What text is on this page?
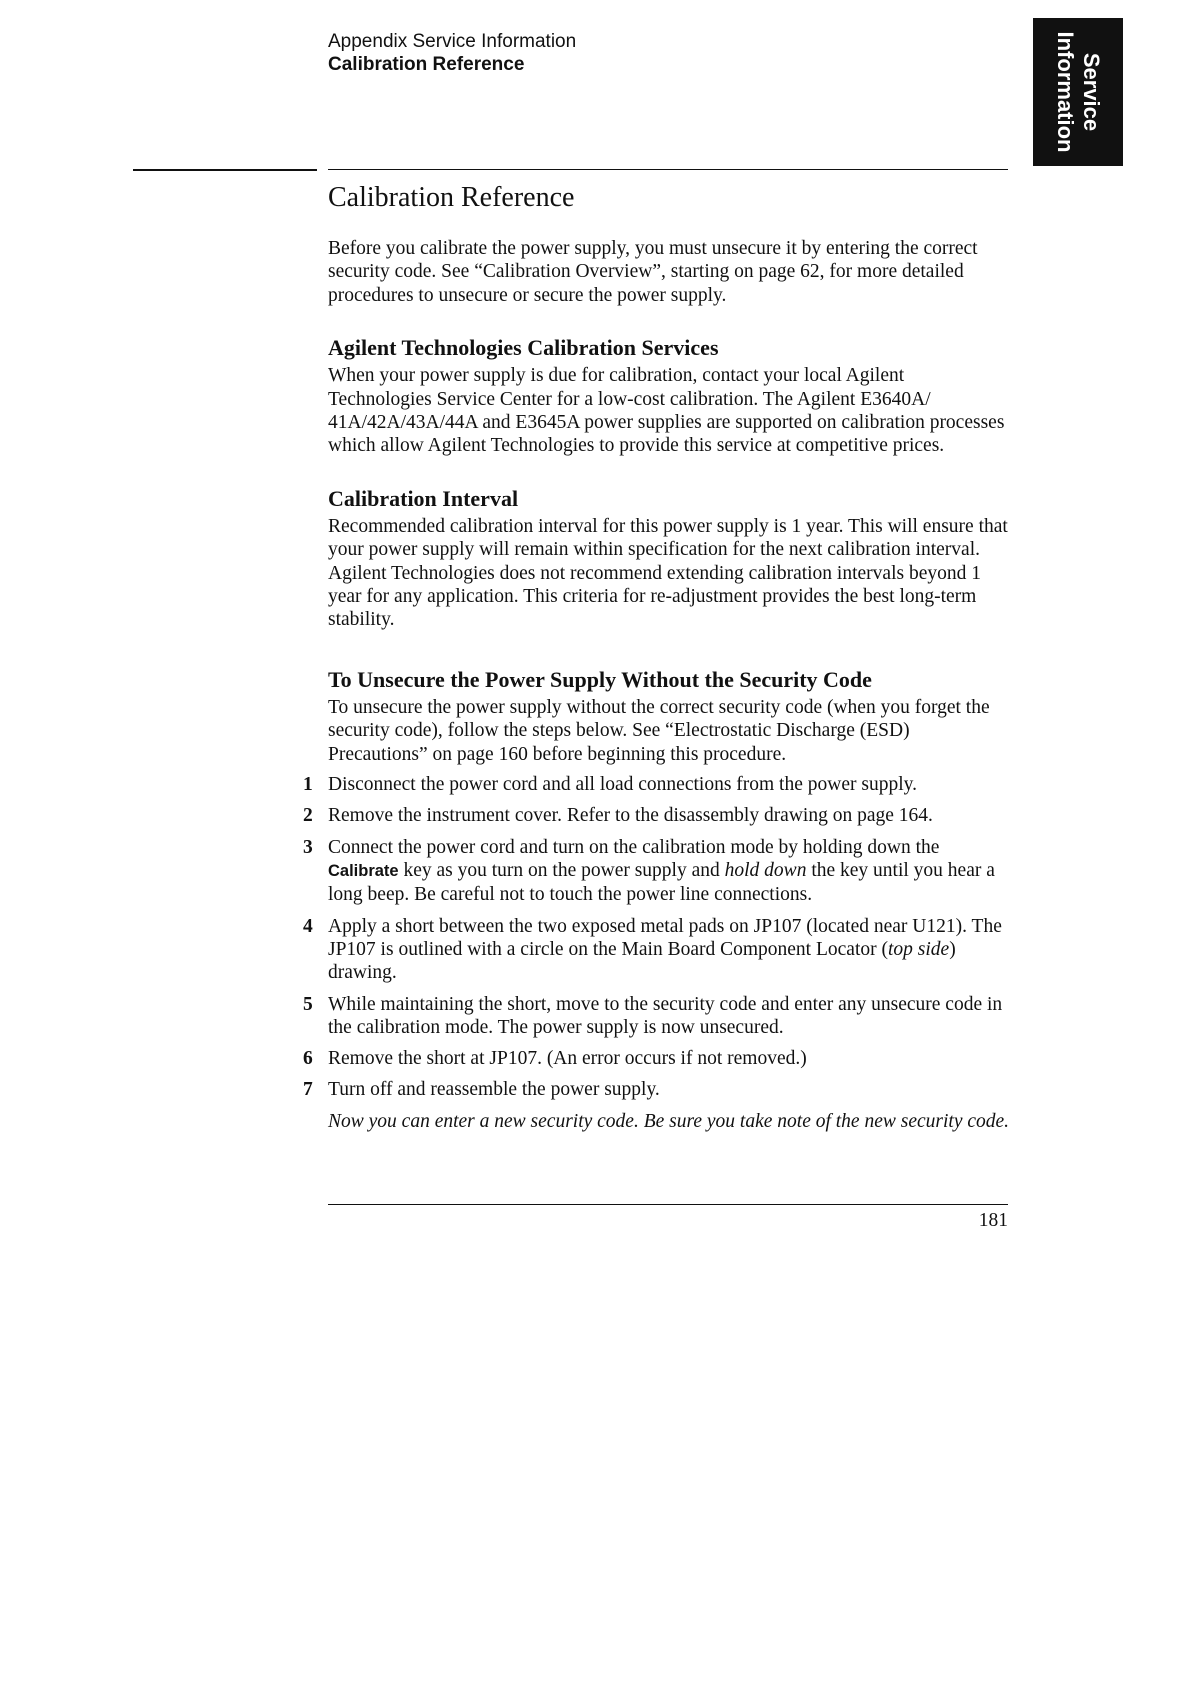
Appendix Service Information
Calibration Reference	Service
Information
Calibration Reference

Before you calibrate the power supply, you must unsecure it by entering the correct security code. See “Calibration Overview”, starting on page 62, for more detailed procedures to unsecure or secure the power supply.

Agilent Technologies Calibration Services

When your power supply is due for calibration, contact your local Agilent Technologies Service Center for a low-cost calibration. The Agilent E3640A/ 41A/42A/43A/44A and E3645A power supplies are supported on calibration processes which allow Agilent Technologies to provide this service at competitive prices.

Calibration Interval

Recommended calibration interval for this power supply is 1 year. This will ensure that your power supply will remain within specification for the next calibration interval. Agilent Technologies does not recommend extending calibration intervals beyond 1 year for any application. This criteria for re-adjustment provides the best long-term stability.

To Unsecure the Power Supply Without the Security Code

To unsecure the power supply without the correct security code (when you forget the security code), follow the steps below. See “Electrostatic Discharge (ESD) Precautions” on page 160 before beginning this procedure.

1 Disconnect the power cord and all load connections from the power supply.
2 Remove the instrument cover. Refer to the disassembly drawing on page 164.
3 Connect the power cord and turn on the calibration mode by holding down the Calibrate key as you turn on the power supply and hold down the key until you hear a long beep. Be careful not to touch the power line connections.
4 Apply a short between the two exposed metal pads on JP107 (located near U121). The JP107 is outlined with a circle on the Main Board Component Locator (top side) drawing.
5 While maintaining the short, move to the security code and enter any unsecure code in the calibration mode. The power supply is now unsecured.
6 Remove the short at JP107. (An error occurs if not removed.)
7 Turn off and reassemble the power supply.

Now you can enter a new security code. Be sure you take note of the new security code.

181
